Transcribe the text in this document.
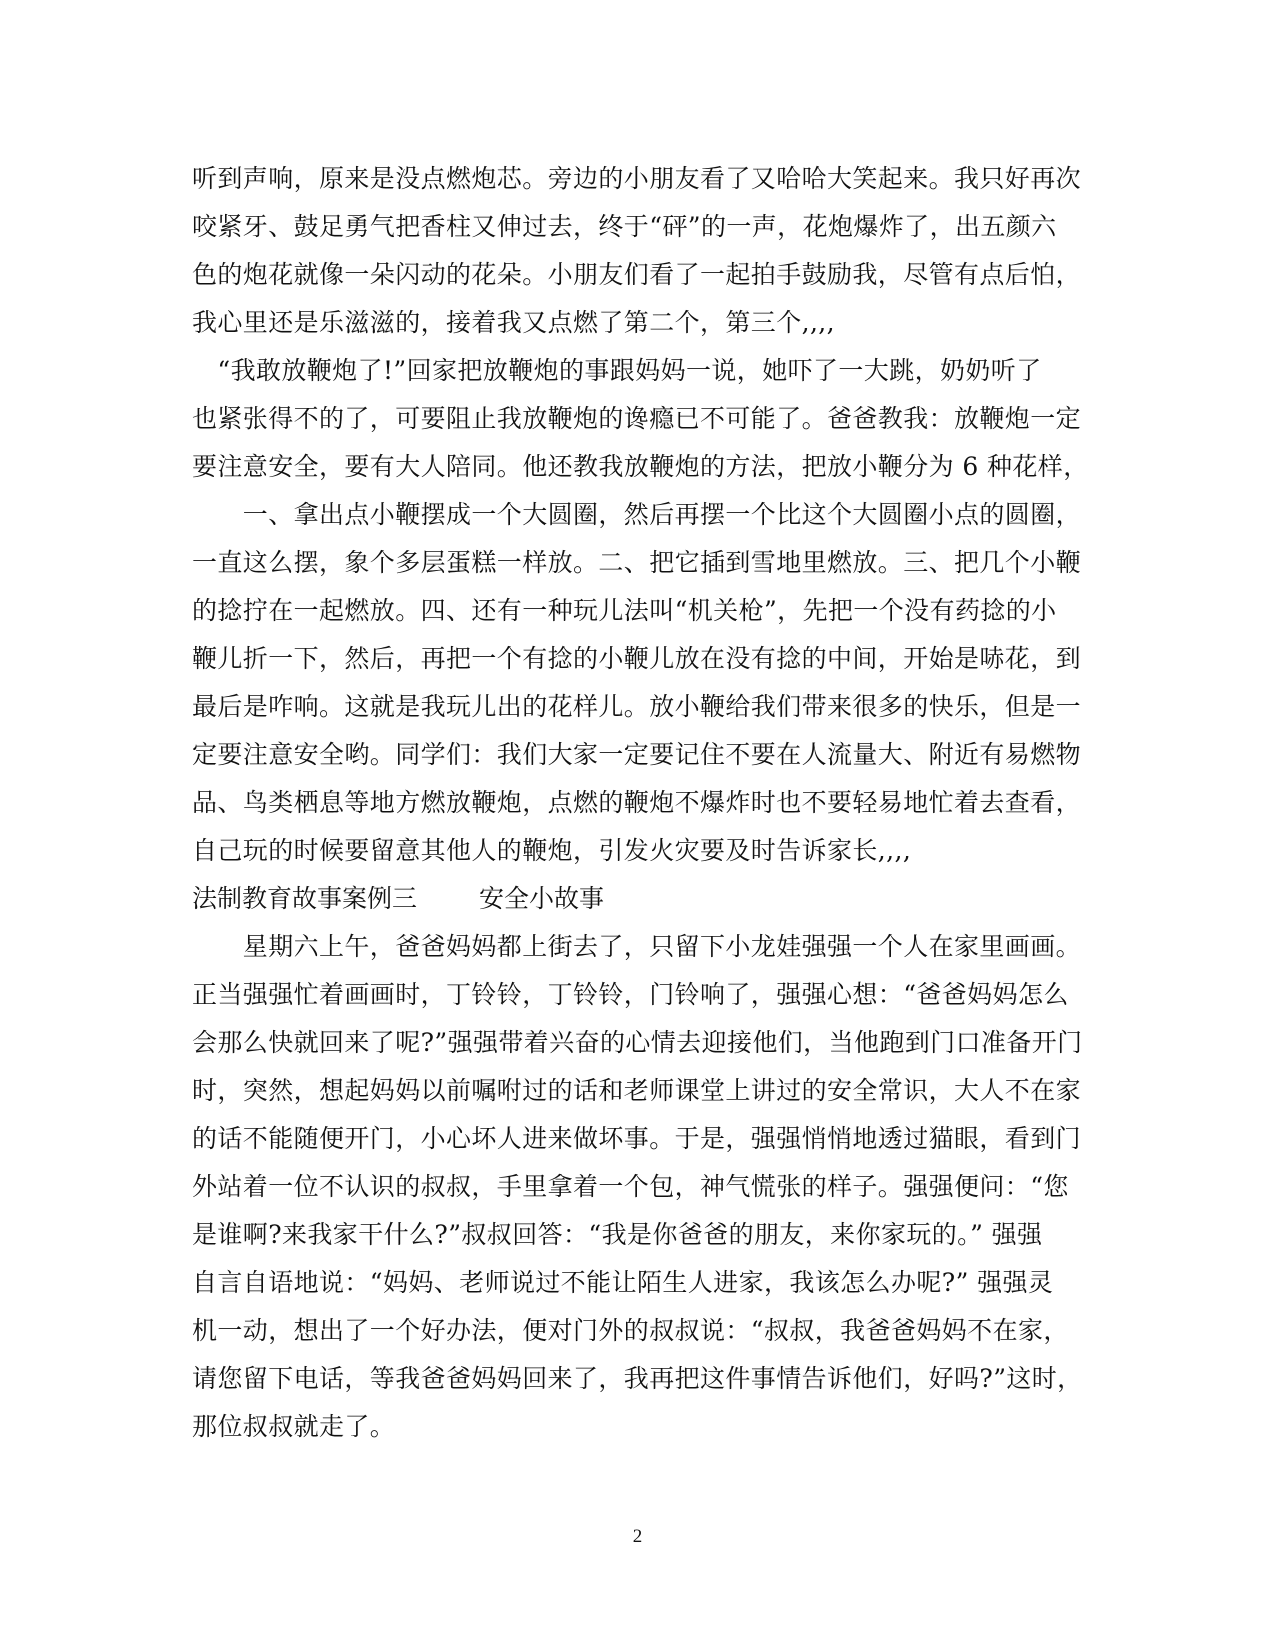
听到声响，原来是没点燃炮芯。旁边的小朋友看了又哈哈大笑起来。我只好再次
咬紧牙、鼓足勇气把香柱又伸过去，终于“砰”的一声，花炮爆炸了，出五颜六
色的炮花就像一朵闪动的花朵。小朋友们看了一起拍手鼓励我，尽管有点后怕，
我心里还是乐滋滋的，接着我又点燃了第二个，第三个,,,,
　“我敢放鞭炮了!”回家把放鞭炮的事跟妈妈一说，她吓了一大跳，奶奶听了
也紧张得不的了，可要阻止我放鞭炮的谗瘾已不可能了。爸爸教我：放鞭炮一定
要注意安全，要有大人陪同。他还教我放鞭炮的方法，把放小鞭分为 6 种花样，
　　一、拿出点小鞭摆成一个大圆圈，然后再摆一个比这个大圆圈小点的圆圈，
一直这么摆，象个多层蛋糕一样放。二、把它插到雪地里燃放。三、把几个小鞭
的捻拧在一起燃放。四、还有一种玩儿法叫“机关枪”，先把一个没有药捻的小
鞭儿折一下，然后，再把一个有捻的小鞭儿放在没有捻的中间，开始是哧花，到
最后是咋响。这就是我玩儿出的花样儿。放小鞭给我们带来很多的快乐，但是一
定要注意安全哟。同学们：我们大家一定要记住不要在人流量大、附近有易燃物
品、鸟类栖息等地方燃放鞭炮，点燃的鞭炮不爆炸时也不要轻易地忙着去查看，
自己玩的时候要留意其他人的鞭炮，引发火灾要及时告诉家长,,,,
法制教育故事案例三 安全小故事
　　星期六上午，爸爸妈妈都上街去了，只留下小龙娃强强一个人在家里画画。
正当强强忙着画画时，丁铃铃，丁铃铃，门铃响了，强强心想：“爸爸妈妈怎么
会那么快就回来了呢?”强强带着兴奋的心情去迎接他们，当他跑到门口准备开门
时，突然，想起妈妈以前嘱咐过的话和老师课堂上讲过的安全常识，大人不在家
的话不能随便开门，小心坏人进来做坏事。于是，强强悄悄地透过猫眼，看到门
外站着一位不认识的叔叔，手里拿着一个包，神气慌张的样子。强强便问：“您
是谁啊?来我家干什么?”叔叔回答：“我是你爸爸的朋友，来你家玩的。” 强强
自言自语地说：“妈妈、老师说过不能让陌生人进家，我该怎么办呢?” 强强灵
机一动，想出了一个好办法，便对门外的叔叔说：“叔叔，我爸爸妈妈不在家，
请您留下电话，等我爸爸妈妈回来了，我再把这件事情告诉他们，好吗?”这时，
那位叔叔就走了。
2
